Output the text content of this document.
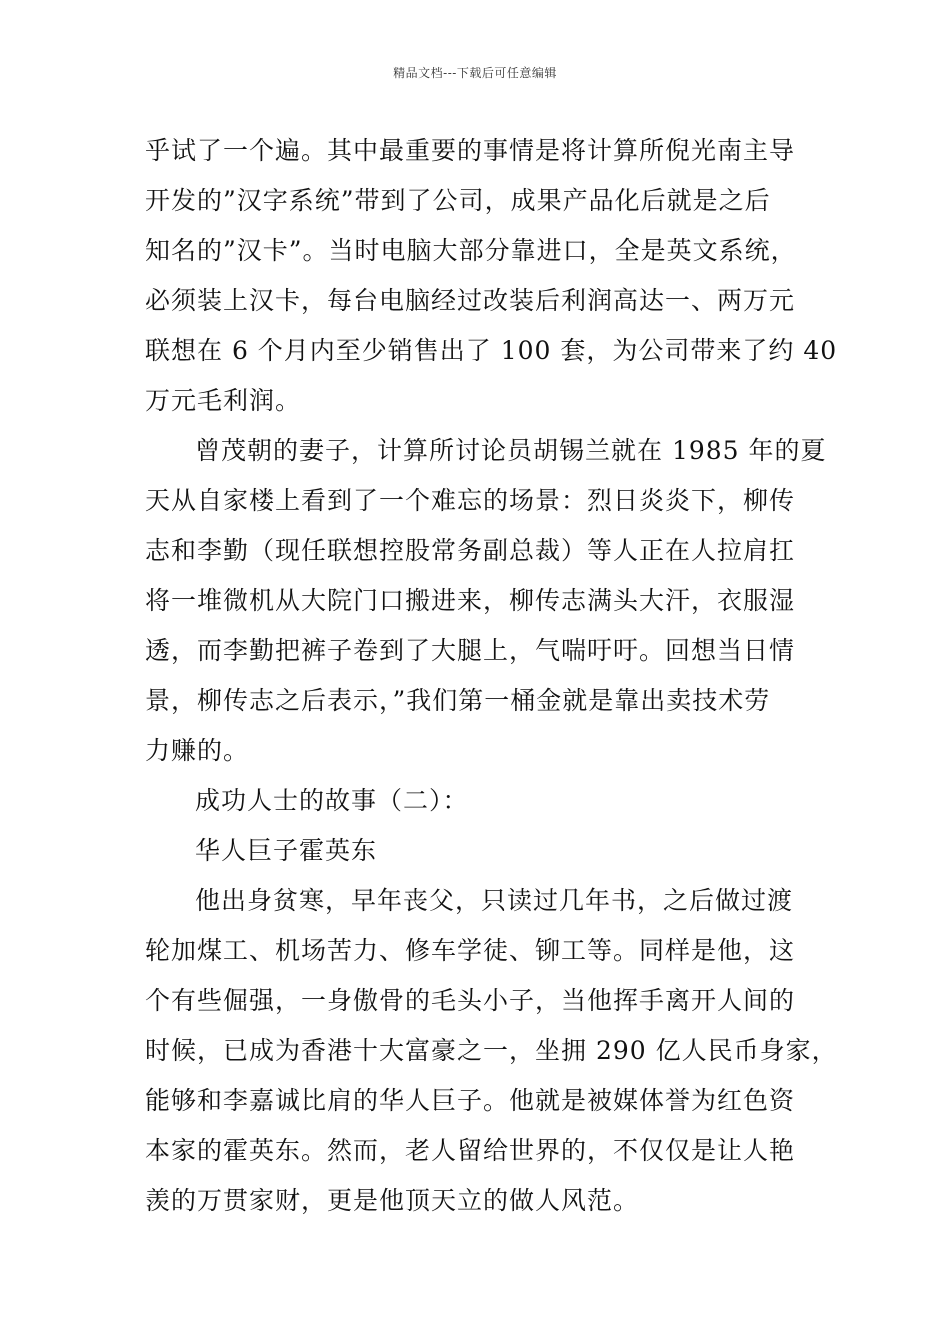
精品文档---下载后可任意编辑
乎试了一个遍。其中最重要的事情是将计算所倪光南主导
开发的”汉字系统”带到了公司，成果产品化后就是之后
知名的”汉卡”。当时电脑大部分靠进口，全是英文系统，
必须装上汉卡，每台电脑经过改装后利润高达一、两万元
联想在 6 个月内至少销售出了 100 套，为公司带来了约 40
万元毛利润。
曾茂朝的妻子，计算所讨论员胡锡兰就在 1985 年的夏
天从自家楼上看到了一个难忘的场景：烈日炎炎下，柳传
志和李勤（现任联想控股常务副总裁）等人正在人拉肩扛
将一堆微机从大院门口搬进来，柳传志满头大汗，衣服湿
透，而李勤把裤子卷到了大腿上，气喘吁吁。回想当日情
景，柳传志之后表示，”我们第一桶金就是靠出卖技术劳
力赚的。
成功人士的故事（二）：
华人巨子霍英东
他出身贫寒，早年丧父，只读过几年书，之后做过渡
轮加煤工、机场苦力、修车学徒、铆工等。同样是他，这
个有些倔强，一身傲骨的毛头小子，当他挥手离开人间的
时候，已成为香港十大富豪之一，坐拥 290 亿人民币身家，
能够和李嘉诚比肩的华人巨子。他就是被媒体誉为红色资
本家的霍英东。然而，老人留给世界的，不仅仅是让人艳
羡的万贯家财，更是他顶天立的做人风范。
